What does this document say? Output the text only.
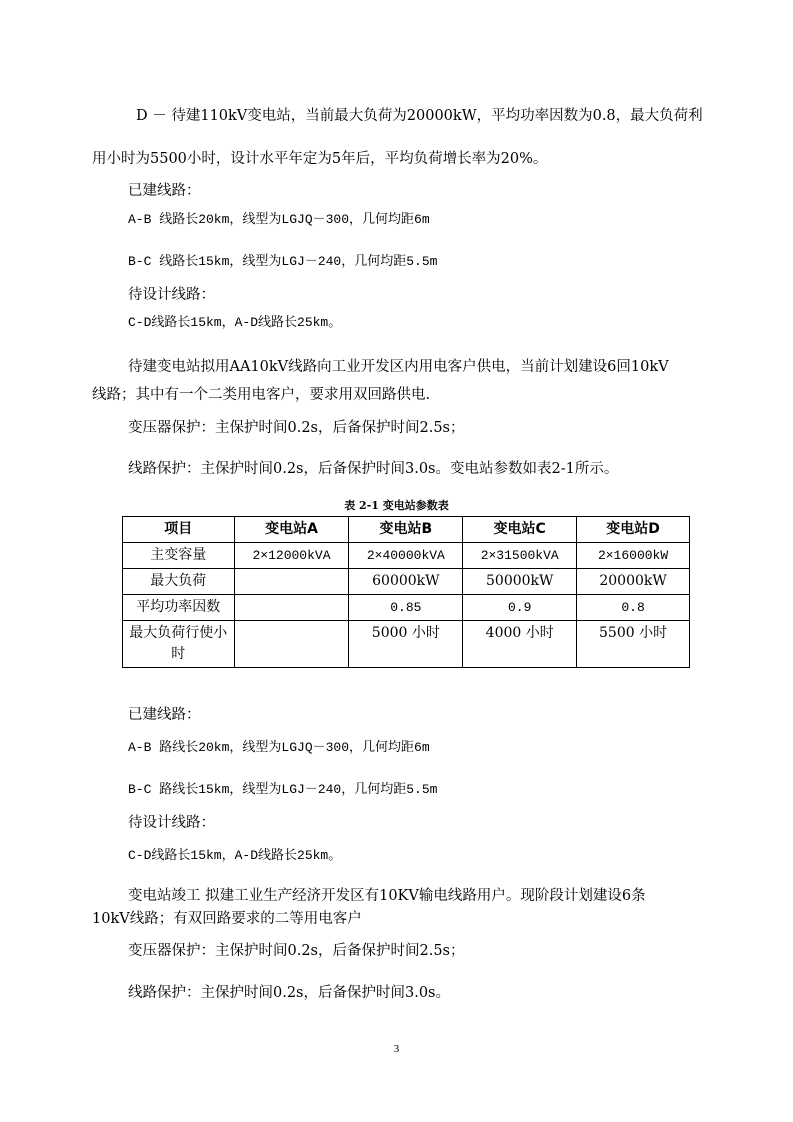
D － 待建110kV变电站，当前最大负荷为20000kW，平均功率因数为0.8，最大负荷利
用小时为5500小时，设计水平年定为5年后，平均负荷增长率为20%。
已建线路：
A-B 线路长20km，线型为LGJQ－300，几何均距6m
B-C 线路长15km，线型为LGJ－240，几何均距5.5m
待设计线路：
C-D线路长15km，A-D线路长25km。
待建变电站拟用AA10kV线路向工业开发区内用电客户供电，当前计划建设6回10kV
线路；其中有一个二类用电客户，要求用双回路供电.
变压器保护：主保护时间0.2s，后备保护时间2.5s；
线路保护：主保护时间0.2s，后备保护时间3.0s。变电站参数如表2-1所示。
表 2-1 变电站参数表
项目	变电站A	变电站B	变电站C	变电站D
主变容量	2×12000kVA	2×40000kVA	2×31500kVA	2×16000kW
最大负荷		60000kW	50000kW	20000kW
平均功率因数		0.85	0.9	0.8
最大负荷行使小时		5000 小时	4000 小时	5500 小时
已建线路：
A-B 路线长20km，线型为LGJQ－300，几何均距6m
B-C 路线长15km，线型为LGJ－240，几何均距5.5m
待设计线路：
C-D线路长15km，A-D线路长25km。
变电站竣工 拟建工业生产经济开发区有10KV输电线路用户。现阶段计划建设6条
10kV线路；有双回路要求的二等用电客户
变压器保护：主保护时间0.2s，后备保护时间2.5s；
线路保护：主保护时间0.2s，后备保护时间3.0s。
3
